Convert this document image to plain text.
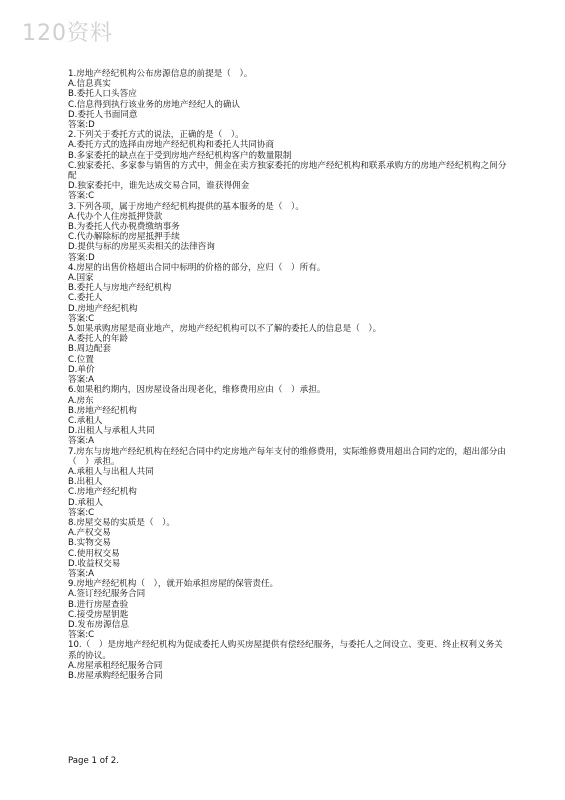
120资料
1.房地产经纪机构公布房源信息的前提是（　）。
A.信息真实
B.委托人口头答应
C.信息得到执行该业务的房地产经纪人的确认
D.委托人书面同意
答案:D
2.下列关于委托方式的说法，正确的是（　）。
A.委托方式的选择由房地产经纪机构和委托人共同协商
B.多家委托的缺点在于受到房地产经纪机构客户的数量限制
C.独家委托、多家参与销售的方式中，佣金在卖方独家委托的房地产经纪机构和联系承购方的房地产经纪机构之间分配
D.独家委托中，谁先达成交易合同，谁获得佣金
答案:C
3.下列各项，属于房地产经纪机构提供的基本服务的是（　）。
A.代办个人住房抵押贷款
B.为委托人代办税费缴纳事务
C.代办解除标的房屋抵押手续
D.提供与标的房屋买卖相关的法律咨询
答案:D
4.房屋的出售价格超出合同中标明的价格的部分，应归（　）所有。
A.国家
B.委托人与房地产经纪机构
C.委托人
D.房地产经纪机构
答案:C
5.如果承购房屋是商业地产，房地产经纪机构可以不了解的委托人的信息是（　）。
A.委托人的年龄
B.周边配套
C.位置
D.单价
答案:A
6.如果租约期内，因房屋设备出现老化，维修费用应由（　）承担。
A.房东
B.房地产经纪机构
C.承租人
D.出租人与承租人共同
答案:A
7.房东与房地产经纪机构在经纪合同中约定房地产每年支付的维修费用，实际维修费用超出合同约定的，超出部分由（　）承担。
A.承租人与出租人共同
B.出租人
C.房地产经纪机构
D.承租人
答案:C
8.房屋交易的实质是（　）。
A.产权交易
B.实物交易
C.使用权交易
D.收益权交易
答案:A
9.房地产经纪机构（　），就开始承担房屋的保管责任。
A.签订经纪服务合同
B.进行房屋查验
C.接受房屋钥匙
D.发布房源信息
答案:C
10.（　）是房地产经纪机构为促成委托人购买房屋提供有偿经纪服务，与委托人之间设立、变更、终止权利义务关系的协议。
A.房屋承租经纪服务合同
B.房屋承购经纪服务合同
Page 1 of 2.
